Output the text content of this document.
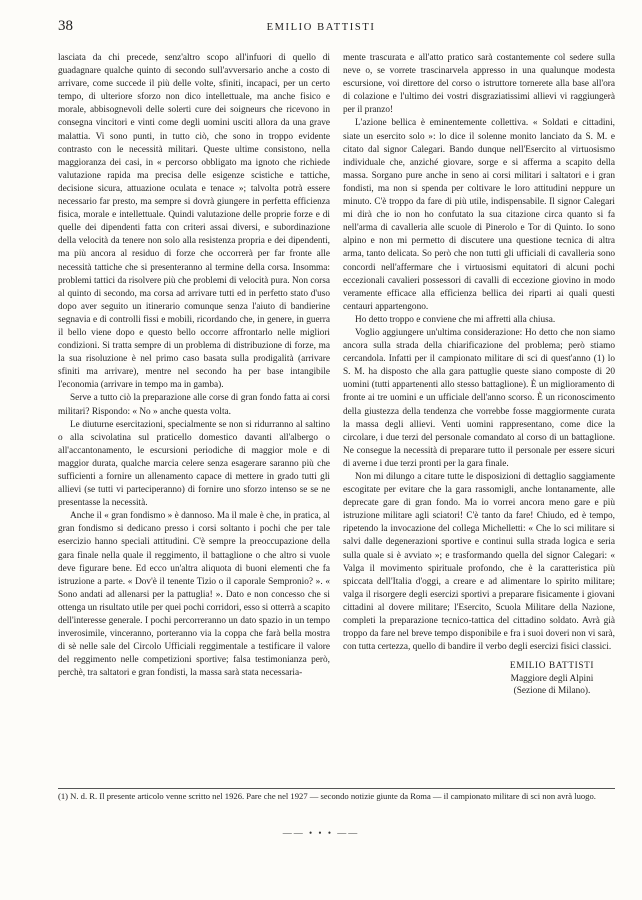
38	EMILIO BATTISTI

lasciata da chi precede, senz'altro scopo all'infuori di quello di guadagnare qualche quinto di secondo sull'avversario anche a costo di arrivare, come succede il più delle volte, sfiniti, incapaci, per un certo tempo, di ulteriore sforzo non dico intellettuale, ma anche fisico e morale, abbisognevoli delle solerti cure dei soigneurs che ricevono in consegna vincitori e vinti come degli uomini usciti allora da una grave malattia. Vi sono punti, in tutto ciò, che sono in troppo evidente contrasto con le necessità militari. Queste ultime consistono, nella maggioranza dei casi, in « percorso obbligato ma ignoto che richiede valutazione rapida ma precisa delle esigenze scistiche e tattiche, decisione sicura, attuazione oculata e tenace »; talvolta potrà essere necessario far presto, ma sempre si dovrà giungere in perfetta efficienza fisica, morale e intellettuale. Quindi valutazione delle proprie forze e di quelle dei dipendenti fatta con criteri assai diversi, e subordinazione della velocità da tenere non solo alla resistenza propria e dei dipendenti, ma più ancora al residuo di forze che occorrerà per far fronte alle necessità tattiche che si presenteranno al termine della corsa. Insomma: problemi tattici da risolvere più che problemi di velocità pura. Non corsa al quinto di secondo, ma corsa ad arrivare tutti ed in perfetto stato d'uso dopo aver seguito un itinerario comunque senza l'aiuto di bandierine segnavia e di controlli fissi e mobili, ricordando che, in genere, in guerra il bello viene dopo e questo bello occorre affrontarlo nelle migliori condizioni. Si tratta sempre di un problema di distribuzione di forze, ma la sua risoluzione è nel primo caso basata sulla prodigalità (arrivare sfiniti ma arrivare), mentre nel secondo ha per base intangibile l'economia (arrivare in tempo ma in gamba).

Serve a tutto ciò la preparazione alle corse di gran fondo fatta ai corsi militari? Rispondo: « No » anche questa volta.

Le diuturne esercitazioni, specialmente se non si ridurranno al saltino o alla scivolatina sul praticello domestico davanti all'albergo o all'accantonamento, le escursioni periodiche di maggior mole e di maggior durata, qualche marcia celere senza esagerare saranno più che sufficienti a fornire un allenamento capace di mettere in grado tutti gli allievi (se tutti vi parteciperanno) di fornire uno sforzo intenso se se ne presentasse la necessità.

Anche il « gran fondismo » è dannoso. Ma il male è che, in pratica, al gran fondismo si dedicano presso i corsi soltanto i pochi che per tale esercizio hanno speciali attitudini. C'è sempre la preoccupazione della gara finale nella quale il reggimento, il battaglione o che altro si vuole deve figurare bene. Ed ecco un'altra aliquota di buoni elementi che fa istruzione a parte. « Dov'è il tenente Tizio o il caporale Sempronio? ». « Sono andati ad allenarsi per la pattuglia! ». Dato e non concesso che si ottenga un risultato utile per quei pochi corridori, esso si otterrà a scapito dell'interesse generale. I pochi percorreranno un dato spazio in un tempo inverosimile, vinceranno, porteranno via la coppa che farà bella mostra di sè nelle sale del Circolo Ufficiali reggimentale a testificare il valore del reggimento nelle competizioni sportive; falsa testimonianza però, perchè, tra saltatori e gran fondisti, la massa sarà stata necessaria-

mente trascurata e all'atto pratico sarà costantemente col sedere sulla neve o, se vorrete trascinarvela appresso in una qualunque modesta escursione, voi direttore del corso o istruttore tornerete alla base all'ora di colazione e l'ultimo dei vostri disgraziatissimi allievi vi raggiungerà per il pranzo!

L'azione bellica è eminentemente collettiva. « Soldati e cittadini, siate un esercito solo »: lo dice il solenne monito lanciato da S. M. e citato dal signor Calegari. Bando dunque nell'Esercito al virtuosismo individuale che, anziché giovare, sorge e si afferma a scapito della massa. Sorgano pure anche in seno ai corsi militari i saltatori e i gran fondisti, ma non si spenda per coltivare le loro attitudini neppure un minuto. C'è troppo da fare di più utile, indispensabile. Il signor Calegari mi dirà che io non ho confutato la sua citazione circa quanto si fa nell'arma di cavalleria alle scuole di Pinerolo e Tor di Quinto. Io sono alpino e non mi permetto di discutere una questione tecnica di altra arma, tanto delicata. So però che non tutti gli ufficiali di cavalleria sono concordi nell'affermare che i virtuosismi equitatori di alcuni pochi eccezionali cavalieri possessori di cavalli di eccezione giovino in modo veramente efficace alla efficienza bellica dei riparti ai quali questi centauri appartengono.

Ho detto troppo e conviene che mi affretti alla chiusa.

Voglio aggiungere un'ultima considerazione: Ho detto che non siamo ancora sulla strada della chiarificazione del problema; però stiamo cercandola. Infatti per il campionato militare di sci di quest'anno (1) lo S. M. ha disposto che alla gara pattuglie queste siano composte di 20 uomini (tutti appartenenti allo stesso battaglione). È un miglioramento di fronte ai tre uomini e un ufficiale dell'anno scorso. È un riconoscimento della giustezza della tendenza che vorrebbe fosse maggiormente curata la massa degli allievi. Venti uomini rappresentano, come dice la circolare, i due terzi del personale comandato al corso di un battaglione. Ne consegue la necessità di preparare tutto il personale per essere sicuri di averne i due terzi pronti per la gara finale.

Non mi dilungo a citare tutte le disposizioni di dettaglio saggiamente escogitate per evitare che la gara rassomigli, anche lontanamente, alle deprecate gare di gran fondo. Ma io vorrei ancora meno gare e più istruzione militare agli sciatori! C'è tanto da fare! Chiudo, ed è tempo, ripetendo la invocazione del collega Michelletti: « Che lo sci militare si salvi dalle degenerazioni sportive e continui sulla strada logica e seria sulla quale si è avviato »; e trasformando quella del signor Calegari: « Valga il movimento spirituale profondo, che è la caratteristica più spiccata dell'Italia d'oggi, a creare e ad alimentare lo spirito militare; valga il risorgere degli esercizi sportivi a preparare fisicamente i giovani cittadini al dovere militare; l'Esercito, Scuola Militare della Nazione, completi la preparazione tecnico-tattica del cittadino soldato. Avrà già troppo da fare nel breve tempo disponibile e fra i suoi doveri non vi sarà, con tutta certezza, quello di bandire il verbo degli esercizi fisici classici.

EMILIO BATTISTI
Maggiore degli Alpini
(Sezione di Milano).
(1) N. d. R. Il presente articolo venne scritto nel 1926. Pare che nel 1927 — secondo notizie giunte da Roma — il campionato militare di sci non avrà luogo.
—— • • • ——
